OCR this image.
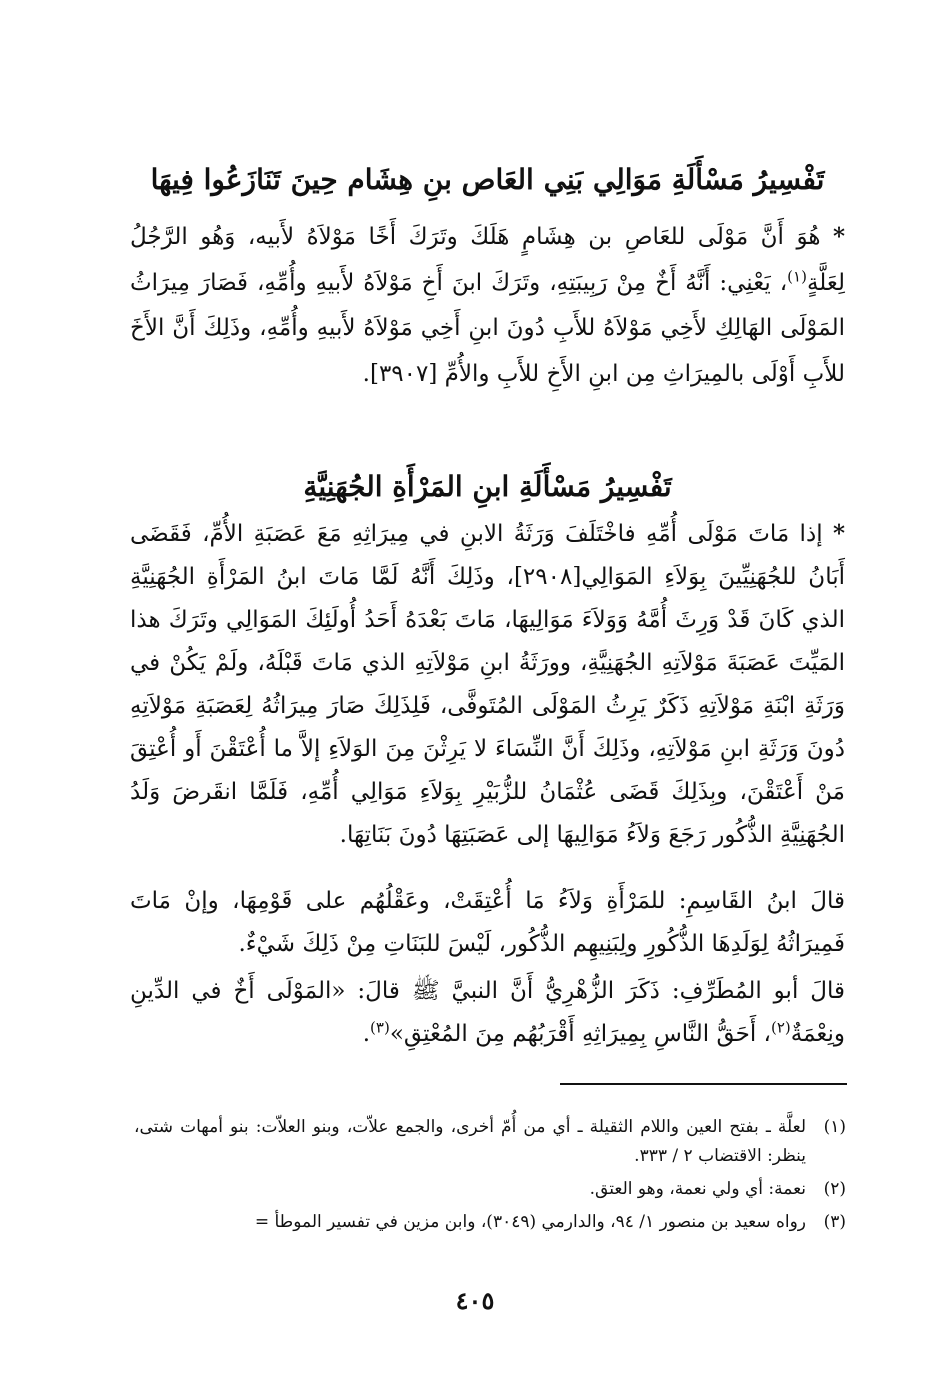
تَفْسِيرُ مَسْأَلَةِ مَوَالِي بَنِي العَاص بنِ هِشَام حِينَ تَنَازَعُوا فِيهَا

* هُوَ أَنَّ مَوْلَى للعَاصِ بن هِشَامٍ هَلَكَ وتَرَكَ أَخًا مَوْلاَهُ لأَبيه، وَهُو الرَّجُلُ لِعَلَّةٍ$^{(١)}$، يَعْنِي: أَنَّهُ أَخٌ مِنْ رَبِيبَتِهِ، وتَرَكَ ابنَ أَخِ مَوْلاَهُ لأَبيهِ وأُمِّهِ، فَصَارَ مِيرَاثُ المَوْلَى الهَالِكِ لأَخِي مَوْلاَهُ للأَبِ دُونَ ابنِ أَخِي مَوْلاَهُ لأَبيهِ وأُمِّهِ، وذَلِكَ أَنَّ الأَخَ للأَبِ أَوْلَى بالمِيرَاثِ مِن ابنِ الأَخِ للأَبِ والأُمِّ [٣٩٠٧].

تَفْسِيرُ مَسْأَلَةِ ابنِ المَرْأَةِ الجُهَنِيَّةِ

* إذا مَاتَ مَوْلَى أُمِّهِ فاخْتَلَفَ وَرَثَةُ الابنِ في مِيرَاثِهِ مَعَ عَصَبَةِ الأُمِّ، فَقَضَى أَبَانُ للجُهَنِيِّينَ بِوَلاَءِ المَوَالِي[٢٩٠٨]، وذَلِكَ أَنَّهُ لَمَّا مَاتَ ابنُ المَرْأَةِ الجُهَنِيَّةِ الذي كَانَ قَدْ وَرِثَ أُمَّهُ وَوَلاَءَ مَوَالِيهَا، مَاتَ بَعْدَهُ أَحَدُ أُولَئِكَ المَوَالِي وتَرَكَ هذا المَيِّتَ عَصَبَةَ مَوْلاَتِهِ الجُهَنِيَّةِ، وورَثَةُ ابنِ مَوْلاَتِهِ الذي مَاتَ قَبْلَهُ، ولَمْ يَكُنْ في وَرَثَةِ ابْنَةِ مَوْلاَتِهِ ذَكَرٌ يَرِثُ المَوْلَى المُتَوفَّى، فَلِذَلِكَ صَارَ مِيرَاثُهُ لِعَصَبَةِ مَوْلاَتِهِ دُونَ وَرَثَةِ ابنِ مَوْلاَتِهِ، وذَلِكَ أَنَّ النِّسَاءَ لا يَرِثْنَ مِنَ الوَلاَءِ إلاَّ ما أُعْتَقْنَ أَو أُعْتِقَ مَنْ أَعْتَقْنَ، وبِذَلِكَ قَضَى عُثْمَانُ للزُّبَيْرِ بِوَلاَءِ مَوَالِي أُمِّهِ، فَلَمَّا انقَرضَ وَلَدُ الجُهَنِيَّةِ الذُّكُور رَجَعَ وَلاَءُ مَوَالِيهَا إلى عَصَبَتِهَا دُونَ بَنَاتِهَا.

قالَ ابنُ القَاسِمِ: للمَرْأَةِ وَلاَءُ مَا أُعْتِقَتْ، وعَقْلُهُم على قَوْمِهَا، وإنْ مَاتَ فَمِيرَاثُهُ لِوَلَدِهَا الذُّكُورِ ولِبَنِيهِم الذُّكُور، لَيْسَ للبَنَاتِ مِنْ ذَلِكَ شَيْءٌ.

قالَ أبو المُطَرِّفِ: ذَكَرَ الزُّهْرِيُّ أَنَّ النبيَّ ﷺ قالَ: «المَوْلَى أَخٌ في الدِّينِ ونِعْمَةٌ$^{(٢)}$، أَحَقُّ النَّاسِ بِمِيرَاثِهِ أَقْرَبُهُم مِنَ المُعْتِقِ»$^{(٣)}$.

(١)
لعلَّة ـ بفتح العين واللام الثقيلة ـ أي من أُمّ أخرى، والجمع علاّت، وبنو العلاّت: بنو أمهات شتى، ينظر: الاقتضاب ٢ / ٣٣٣.
(٢)
نعمة: أي ولي نعمة، وهو العتق.
(٣)
رواه سعيد بن منصور ١/ ٩٤، والدارمي (٣٠٤٩)، وابن مزين في تفسير الموطأ =
٤٠٥
